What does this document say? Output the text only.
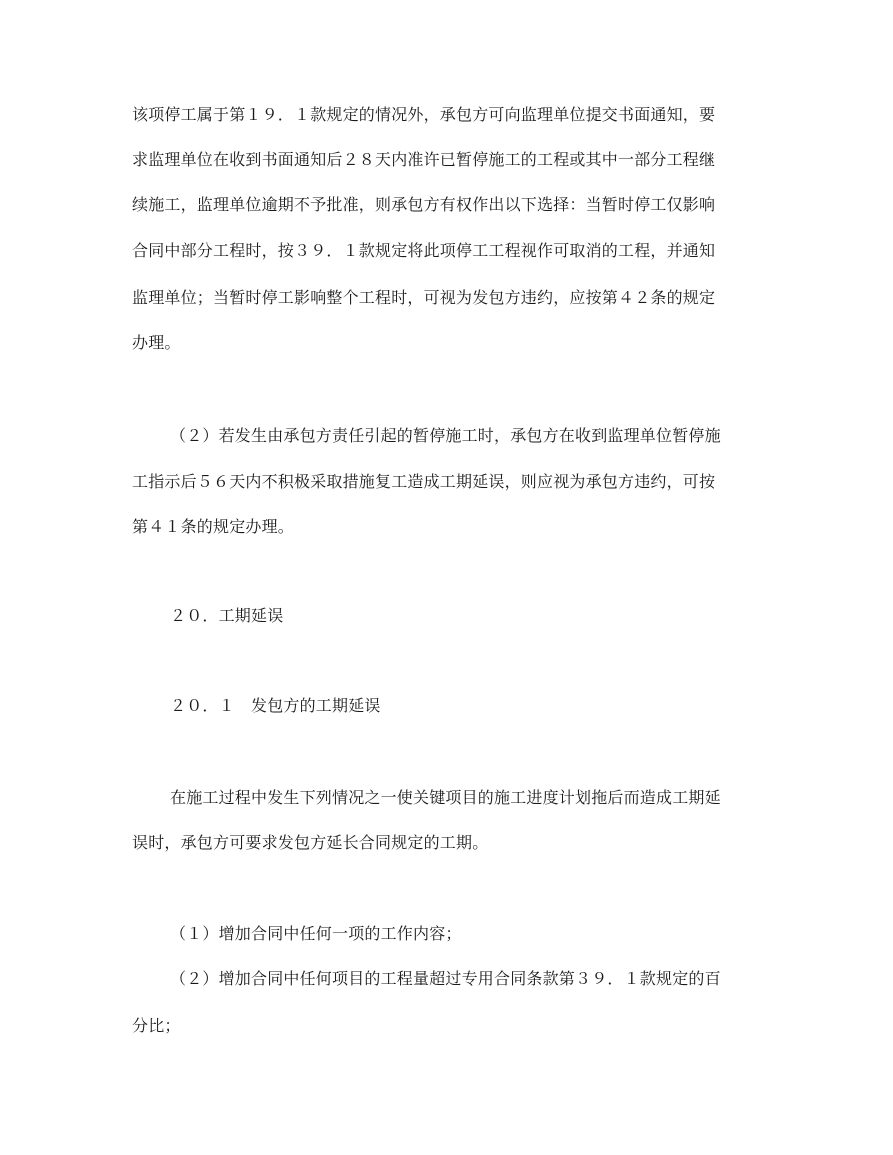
该项停工属于第１９．１款规定的情况外，承包方可向监理单位提交书面通知，要
求监理单位在收到书面通知后２８天内准许已暂停施工的工程或其中一部分工程继
续施工，监理单位逾期不予批准，则承包方有权作出以下选择：当暂时停工仅影响
合同中部分工程时，按３９．１款规定将此项停工工程视作可取消的工程，并通知
监理单位；当暂时停工影响整个工程时，可视为发包方违约，应按第４２条的规定
办理。
（２）若发生由承包方责任引起的暂停施工时，承包方在收到监理单位暂停施
工指示后５６天内不积极采取措施复工造成工期延误，则应视为承包方违约，可按
第４１条的规定办理。
２０．工期延误
２０．１　发包方的工期延误
在施工过程中发生下列情况之一使关键项目的施工进度计划拖后而造成工期延
误时，承包方可要求发包方延长合同规定的工期。
（１）增加合同中任何一项的工作内容；
（２）增加合同中任何项目的工程量超过专用合同条款第３９．１款规定的百
分比；
